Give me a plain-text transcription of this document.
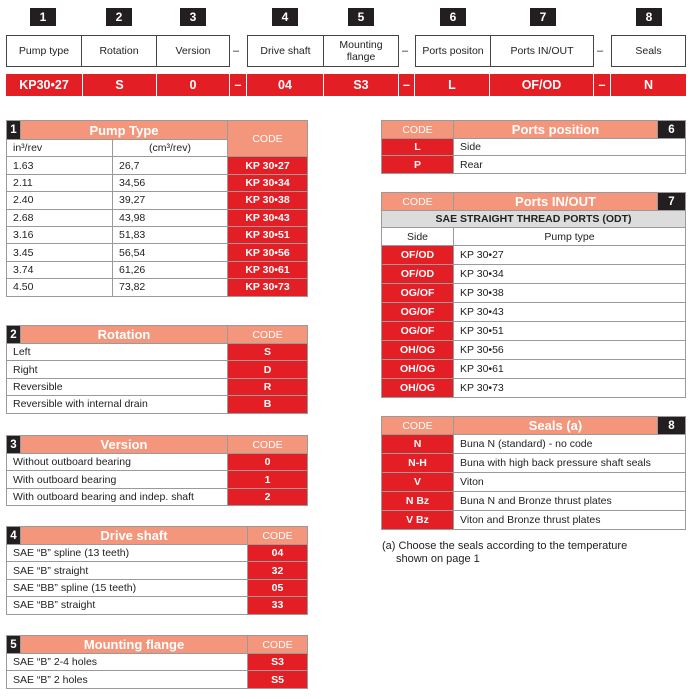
1	2	3	4	5	6	7	8
Pump type	Rotation	Version	–	Drive shaft	Mounting flange	–	Ports positon	Ports IN/OUT	–	Seals
KP30•27	S	0	–	04	S3	–	L	OF/OD	–	N
1	Pump Type		CODE
in³/rev		(cm³/rev)	
1.63		26,7	KP 30•27
2.11		34,56	KP 30•34
2.40		39,27	KP 30•38
2.68		43,98	KP 30•43
3.16		51,83	KP 30•51
3.45		56,54	KP 30•56
3.74		61,26	KP 30•61
4.50		73,82	KP 30•73
2	Rotation	CODE
Left		S
Right		D
Reversible		R
Reversible with internal drain		B
3	Version	CODE
Without outboard bearing		0
With outboard bearing		1
With outboard bearing and indep. shaft		2
4	Drive shaft	CODE
SAE “B” spline (13 teeth)		04
SAE “B” straight		32
SAE “BB” spline (15 teeth)		05
SAE “BB” straight		33
5	Mounting flange	CODE
SAE “B” 2-4 holes		S3
SAE “B” 2 holes		S5
CODE	Ports position	6
L	Side	
P	Rear	
CODE	Ports IN/OUT	7
SAE STRAIGHT THREAD PORTS (ODT)		
Side	Pump type	
OF/OD	KP 30•27	
OF/OD	KP 30•34	
OG/OF	KP 30•38	
OG/OF	KP 30•43	
OG/OF	KP 30•51	
OH/OG	KP 30•56	
OH/OG	KP 30•61	
OH/OG	KP 30•73	
CODE	Seals (a)	8
N	Buna N (standard) - no code	
N-H	Buna with high back pressure shaft seals	
V	Viton	
N Bz	Buna N and Bronze thrust plates	
V Bz	Viton and Bronze thrust plates	
(a) Choose the seals according to the temperature
shown on page 1
